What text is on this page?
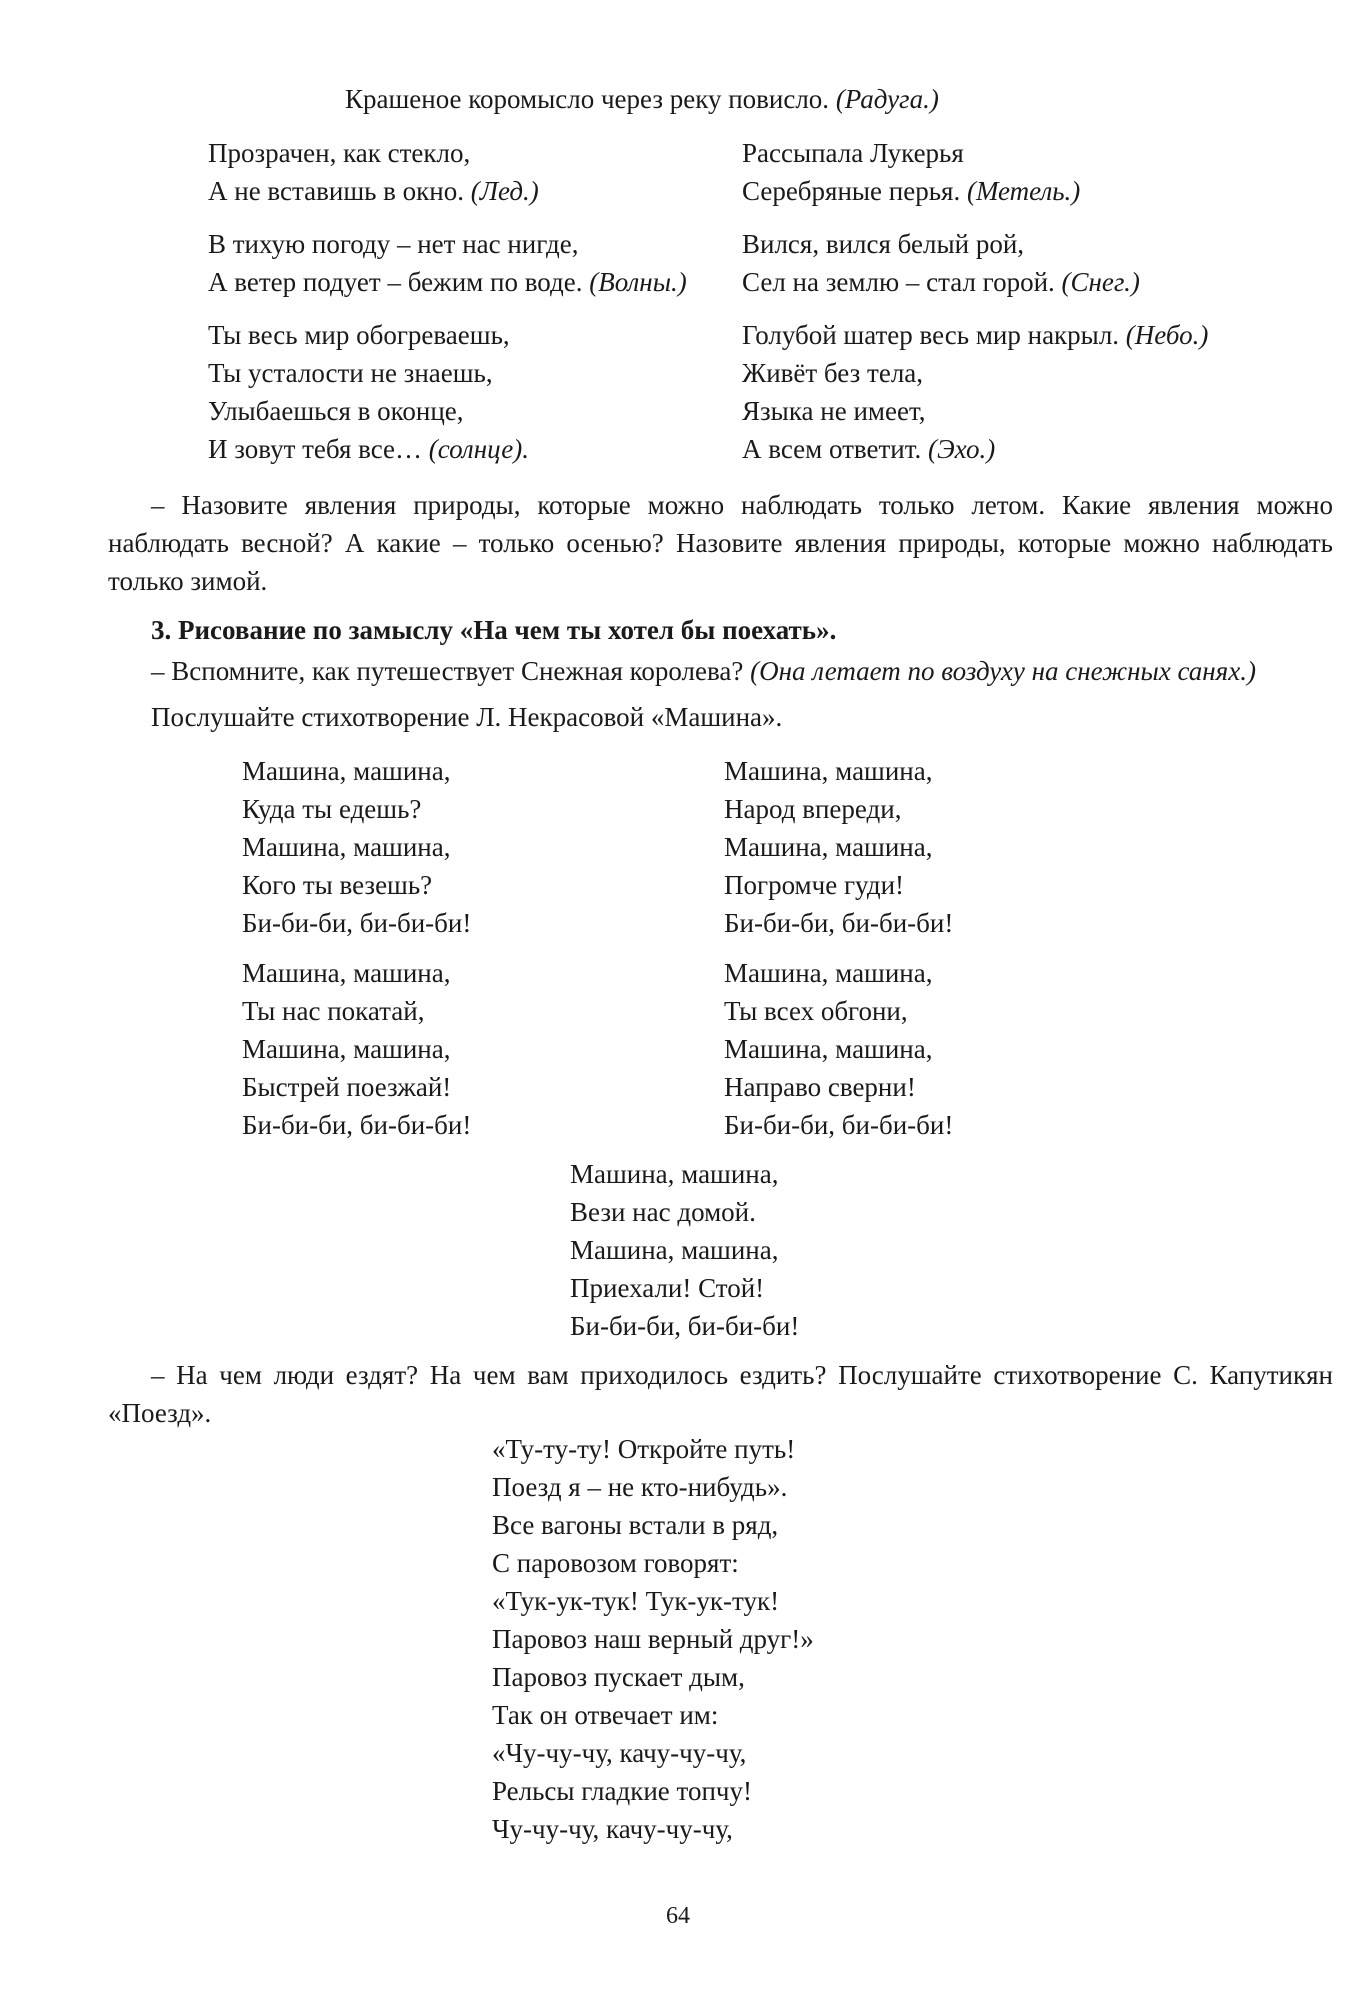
Крашеное коромысло через реку повисло. (Радуга.)
Прозрачен, как стекло,
А не вставишь в окно. (Лед.)
В тихую погоду – нет нас нигде,
А ветер подует – бежим по воде. (Волны.)
Ты весь мир обогреваешь,
Ты усталости не знаешь,
Улыбаешься в оконце,
И зовут тебя все… (солнце).
Рассыпала Лукерья
Серебряные перья. (Метель.)
Вился, вился белый рой,
Сел на землю – стал горой. (Снег.)
Голубой шатер весь мир накрыл. (Небо.)
Живёт без тела,
Языка не имеет,
А всем ответит. (Эхо.)
– Назовите явления природы, которые можно наблюдать только летом. Какие явления можно наблюдать весной? А какие – только осенью? Назовите явления природы, которые можно наблюдать только зимой.
3. Рисование по замыслу «На чем ты хотел бы поехать».
– Вспомните, как путешествует Снежная королева? (Она летает по воздуху на снежных санях.)
Послушайте стихотворение Л. Некрасовой «Машина».
Машина, машина,
Куда ты едешь?
Машина, машина,
Кого ты везешь?
Би-би-би, би-би-би!
Машина, машина,
Ты нас покатай,
Машина, машина,
Быстрей поезжай!
Би-би-би, би-би-би!
Машина, машина,
Народ впереди,
Машина, машина,
Погромче гуди!
Би-би-би, би-би-би!
Машина, машина,
Ты всех обгони,
Машина, машина,
Направо сверни!
Би-би-би, би-би-би!
Машина, машина,
Вези нас домой.
Машина, машина,
Приехали! Стой!
Би-би-би, би-би-би!
– На чем люди ездят? На чем вам приходилось ездить? Послушайте стихотворение С. Капутикян «Поезд».
«Ту-ту-ту! Откройте путь!
Поезд я – не кто-нибудь».
Все вагоны встали в ряд,
С паровозом говорят:
«Тук-ук-тук! Тук-ук-тук!
Паровоз наш верный друг!»
Паровоз пускает дым,
Так он отвечает им:
«Чу-чу-чу, качу-чу-чу,
Рельсы гладкие топчу!
Чу-чу-чу, качу-чу-чу,
64
